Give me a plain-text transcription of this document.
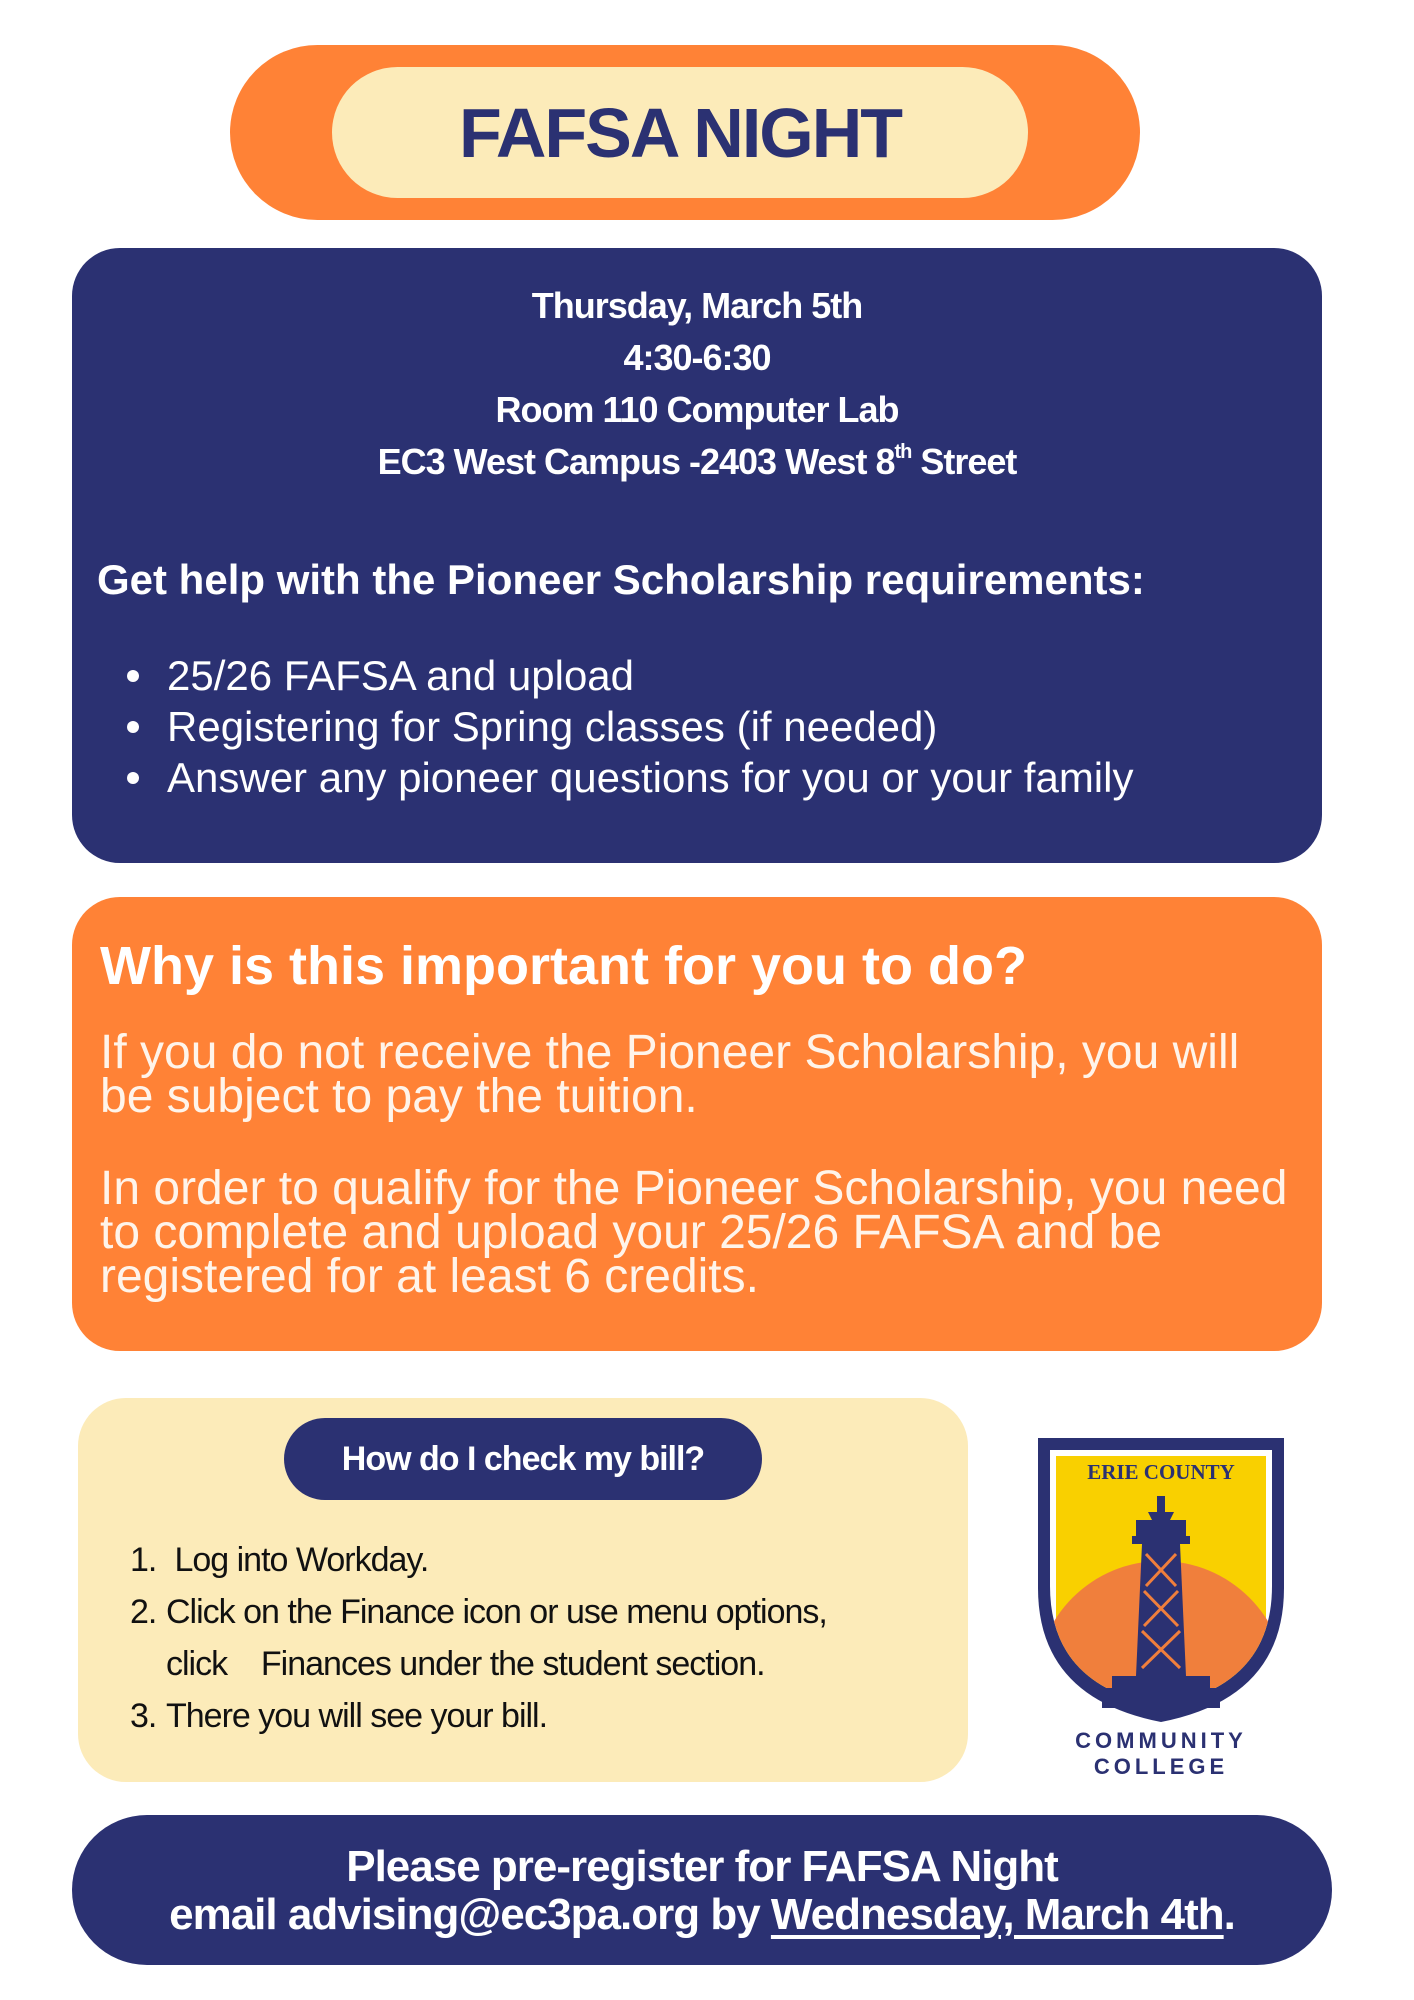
FAFSA NIGHT
Thursday, March 5th
4:30-6:30
Room 110 Computer Lab
EC3 West Campus -2403 West 8th Street
Get help with the Pioneer Scholarship requirements:
25/26 FAFSA and upload
Registering for Spring classes (if needed)
Answer any pioneer questions for you or your family
Why is this important for you to do?
If you do not receive the Pioneer Scholarship, you will be subject to pay the tuition.
In order to qualify for the Pioneer Scholarship, you need to complete and upload your 25/26 FAFSA and be registered for at least 6 credits.
How do I check my bill?
1. Log into Workday.
2. Click on the Finance icon or use menu options,
click    Finances under the student section.
3. There you will see your bill.
ERIE COUNTY
COMMUNITY
COLLEGE
Please pre-register for FAFSA Night
email advising@ec3pa.org by Wednesday, March 4th.
